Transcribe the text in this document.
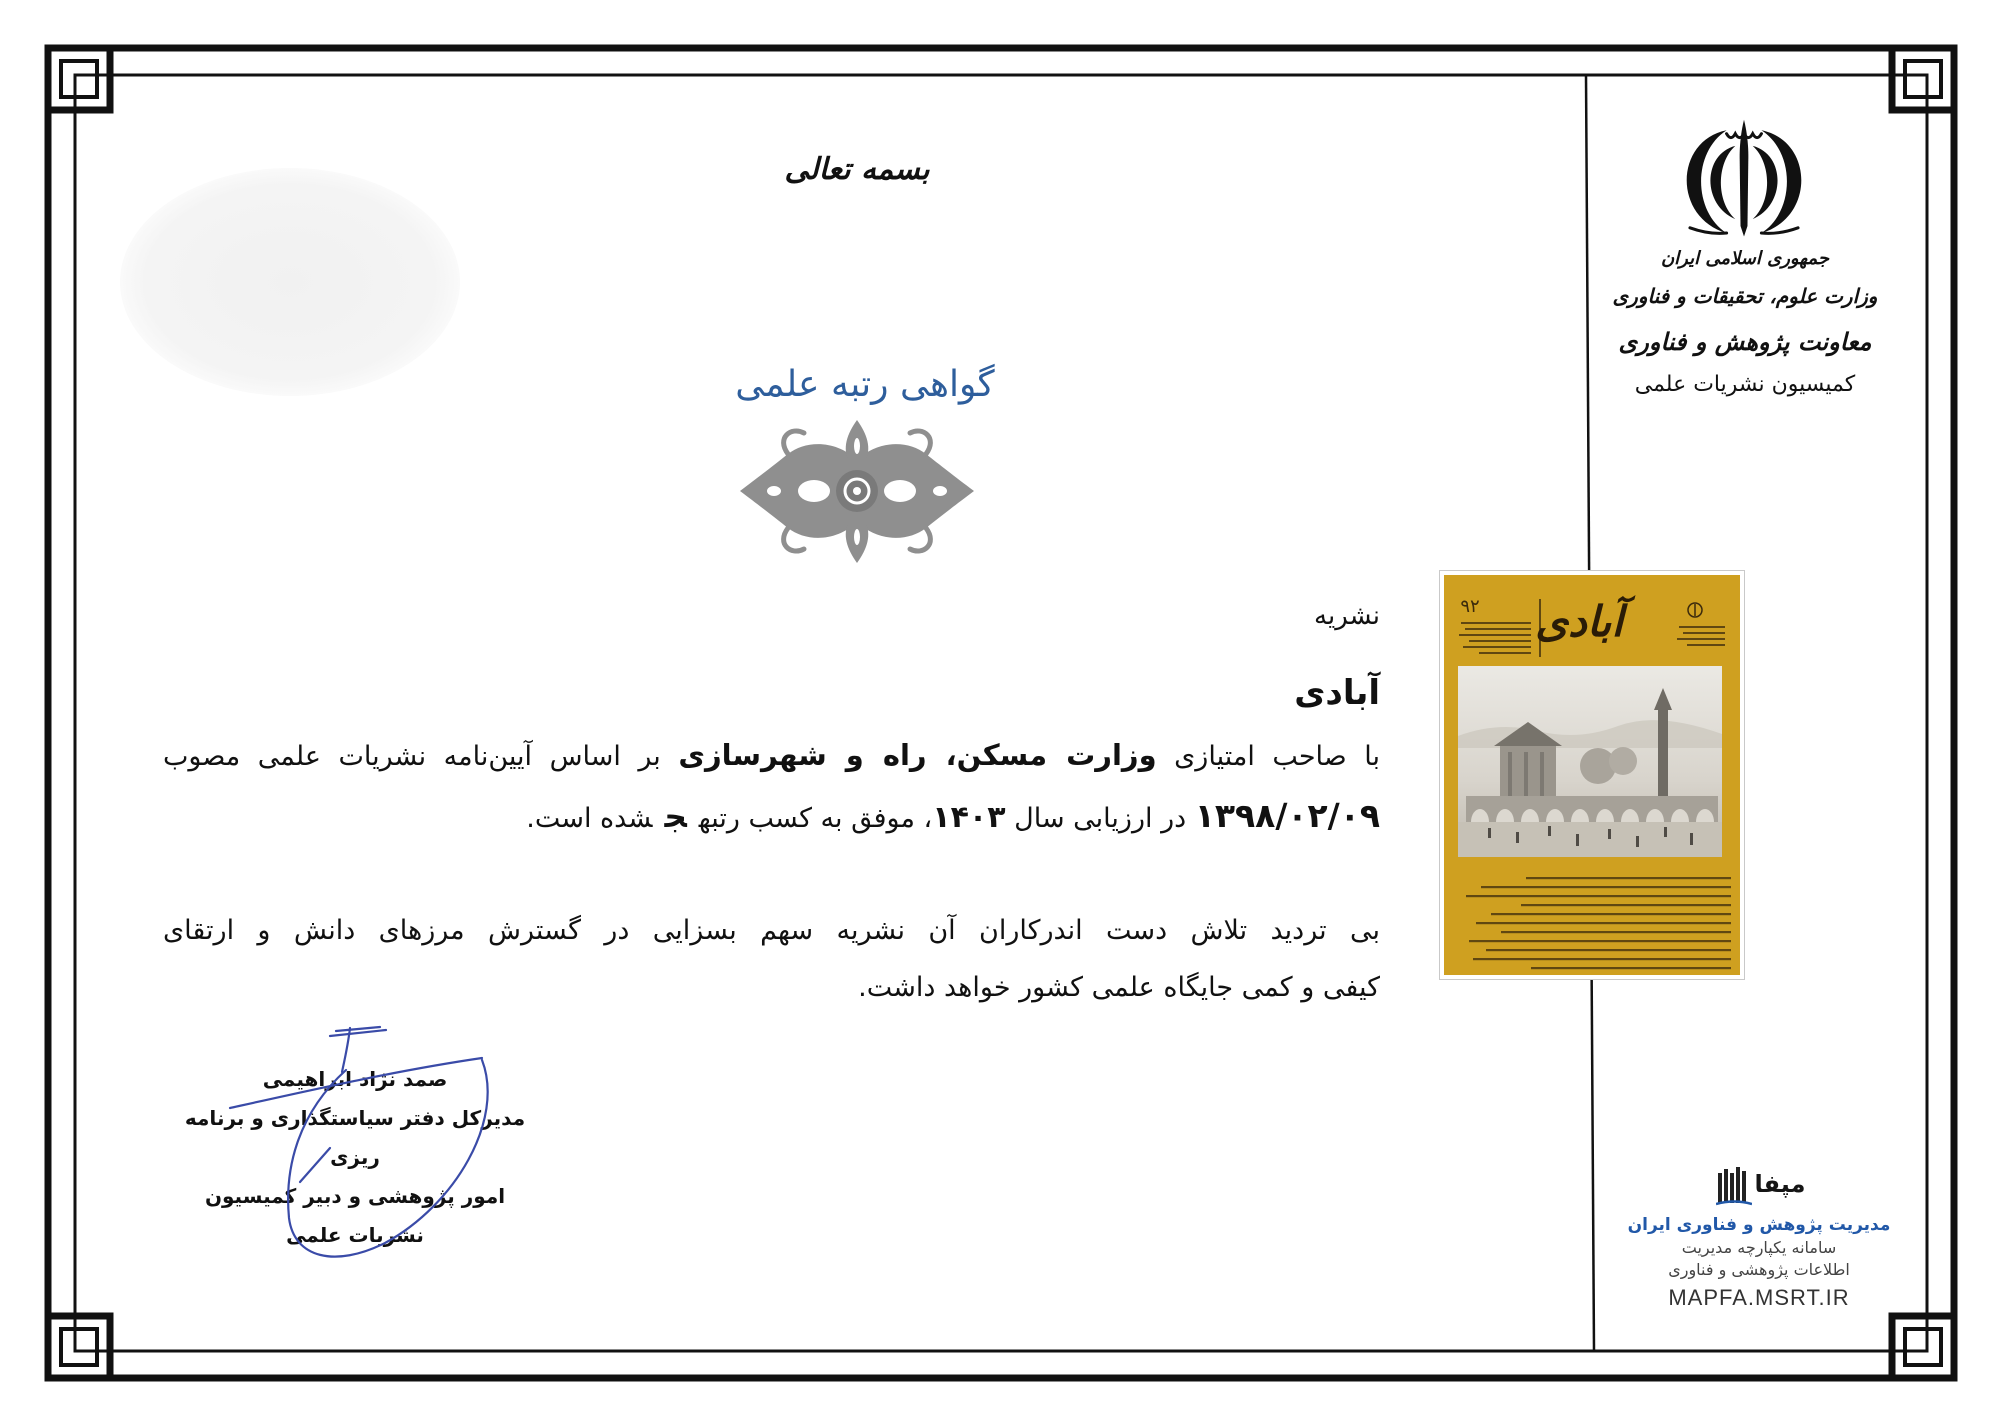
بسمه تعالی
گواهی رتبه علمی
نشریه
آبادی
با صاحب امتیازی وزارت مسکن، راه و شهرسازی بر اساس آیین‌نامه نشریات علمی مصوب
۱۳۹۸/۰۲/۰۹ در ارزیابی سال ۱۴۰۳، موفق به کسب رتبهجشده است.
بی تردید تلاش دست اندرکاران آن نشریه سهم بسزایی در گسترش مرزهای دانش و ارتقای
کیفی و کمی جایگاه علمی کشور خواهد داشت.
صمد نژاد ابراهیمی
مدیرکل دفتر سیاستگذاری و برنامه ریزی
امور پژوهشی و دبیر کمیسیون
نشریات علمی
جمهوری اسلامی ایران
وزارت علوم، تحقیقات و فناوری
معاونت پژوهش و فناوری
کمیسیون نشریات علمی
آبادی
۹۲
مپفا
مدیریت پژوهش و فناوری ایران
سامانه یکپارچه مدیریت
اطلاعات پژوهشی و فناوری
MAPFA.MSRT.IR
